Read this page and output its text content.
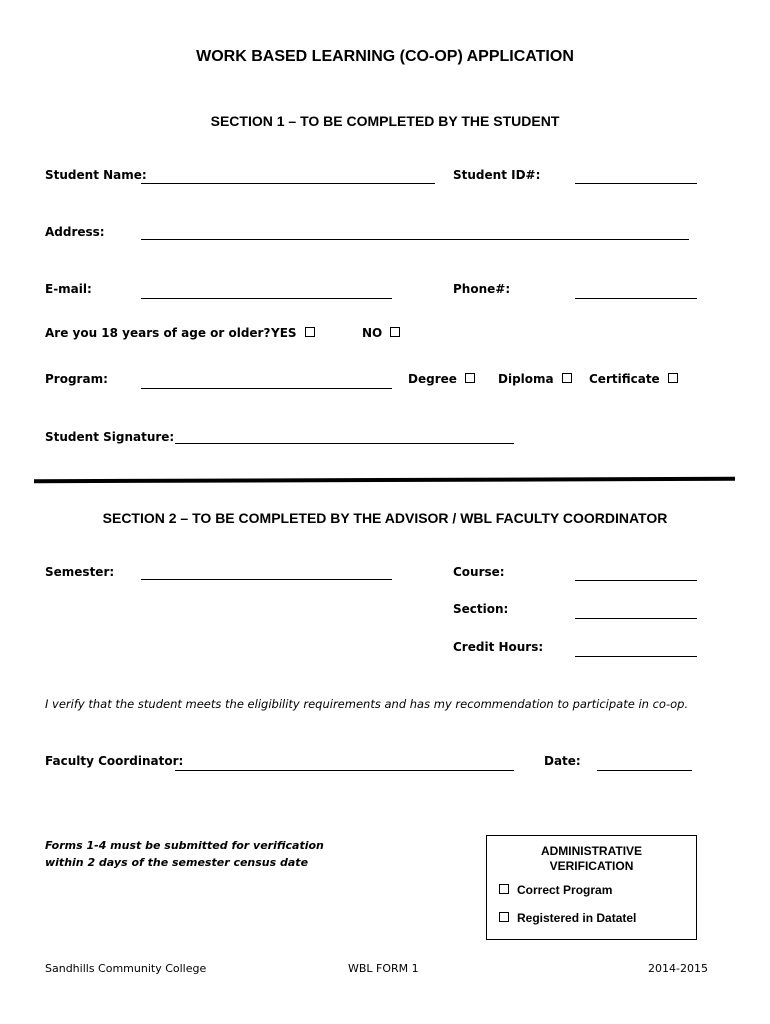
WORK BASED LEARNING (CO-OP) APPLICATION
SECTION 1 – TO BE COMPLETED BY THE STUDENT
Student Name:	Student ID#:
Address:
E-mail:	Phone#:
Are you 18 years of age or older? YES	NO
Program:	Degree	Diploma	Certificate
Student Signature:
SECTION 2 – TO BE COMPLETED BY THE ADVISOR / WBL FACULTY COORDINATOR
Semester:	Course:
Section:
Credit Hours:
I verify that the student meets the eligibility requirements and has my recommendation to participate in co-op.
Faculty Coordinator:	Date:
Forms 1-4 must be submitted for verification
within 2 days of the semester census date
ADMINISTRATIVE
VERIFICATION
Correct Program
Registered in Datatel
Sandhills Community College	WBL FORM 1	2014-2015
